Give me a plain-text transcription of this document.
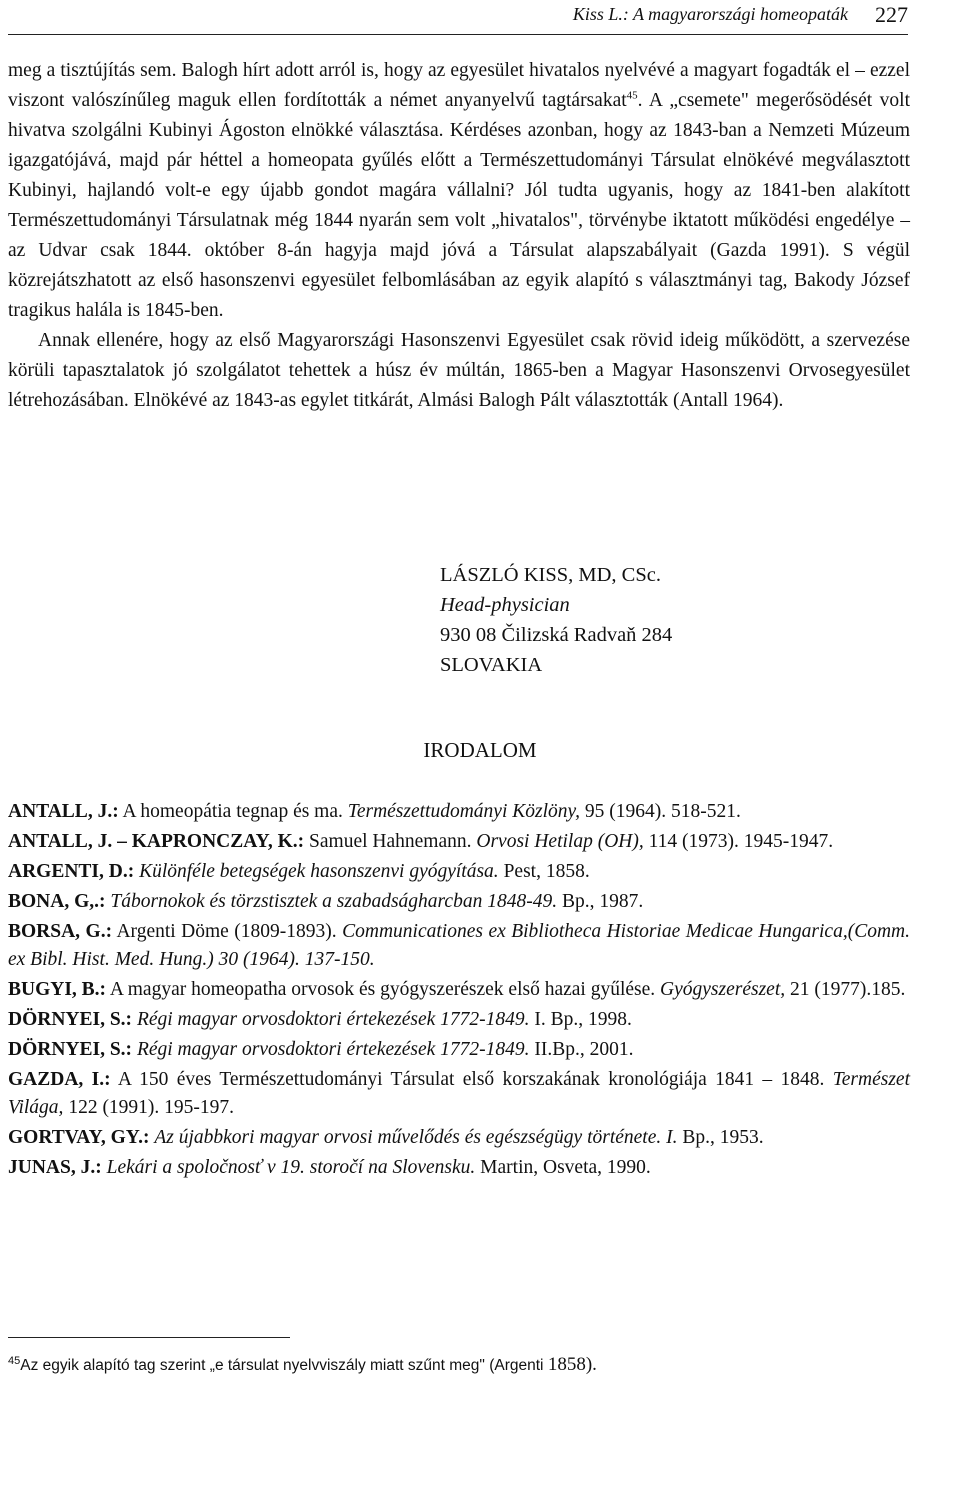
Kiss L.: A magyarországi homeopaták 227

meg a tisztújítás sem. Balogh hírt adott arról is, hogy az egyesület hivatalos nyelvévé a magyart fogadták el – ezzel viszont valószínűleg maguk ellen fordították a német anyanyelvű tagtársakat$^{45}$. A „csemete" megerősödését volt hivatva szolgálni Kubinyi Ágoston elnökké választása. Kérdéses azonban, hogy az 1843-ban a Nemzeti Múzeum igazgatójává, majd pár héttel a homeopata gyűlés előtt a Természettudományi Társulat elnökévé megválasztott Kubinyi, hajlandó volt-e egy újabb gondot magára vállalni? Jól tudta ugyanis, hogy az 1841-ben alakított Természettudományi Társulatnak még 1844 nyarán sem volt „hivatalos", törvénybe iktatott működési engedélye – az Udvar csak 1844. október 8-án hagyja majd jóvá a Társulat alapszabályait (Gazda 1991). S végül közrejátszhatott az első hasonszenvi egyesület felbomlásában az egyik alapító s választmányi tag, Bakody József tragikus halála is 1845-ben.

Annak ellenére, hogy az első Magyarországi Hasonszenvi Egyesület csak rövid ideig működött, a szervezése körüli tapasztalatok jó szolgálatot tehettek a húsz év múltán, 1865-ben a Magyar Hasonszenvi Orvosegyesület létrehozásában. Elnökévé az 1843-as egylet titkárát, Almási Balogh Pált választották (Antall 1964).

LÁSZLÓ KISS, MD, CSc.
Head-physician
930 08 Čilizská Radvaň 284
SLOVAKIA
IRODALOM
ANTALL, J.: A homeopátia tegnap és ma. Természettudományi Közlöny, 95 (1964). 518-521.
ANTALL, J. – KAPRONCZAY, K.: Samuel Hahnemann. Orvosi Hetilap (OH), 114 (1973). 1945-1947.
ARGENTI, D.: Különféle betegségek hasonszenvi gyógyítása. Pest, 1858.
BONA, G,.: Tábornokok és törzstisztek a szabadságharcban 1848-49. Bp., 1987.
BORSA, G.: Argenti Döme (1809-1893). Communicationes ex Bibliotheca Historiae Medicae Hungarica,(Comm. ex Bibl. Hist. Med. Hung.) 30 (1964). 137-150.
BUGYI, B.: A magyar homeopatha orvosok és gyógyszerészek első hazai gyűlése. Gyógyszerészet, 21 (1977).185.
DÖRNYEI, S.: Régi magyar orvosdoktori értekezések 1772-1849. I. Bp., 1998.
DÖRNYEI, S.: Régi magyar orvosdoktori értekezések 1772-1849. II.Bp., 2001.
GAZDA, I.: A 150 éves Természettudományi Társulat első korszakának kronológiája 1841 – 1848. Természet Világa, 122 (1991). 195-197.
GORTVAY, GY.: Az újabbkori magyar orvosi művelődés és egészségügy története. I. Bp., 1953.
JUNAS, J.: Lekári a spoločnosť v 19. storočí na Slovensku. Martin, Osveta, 1990.
$^{45}$Az egyik alapító tag szerint „e társulat nyelvviszály miatt szűnt meg" (Argenti 1858).
